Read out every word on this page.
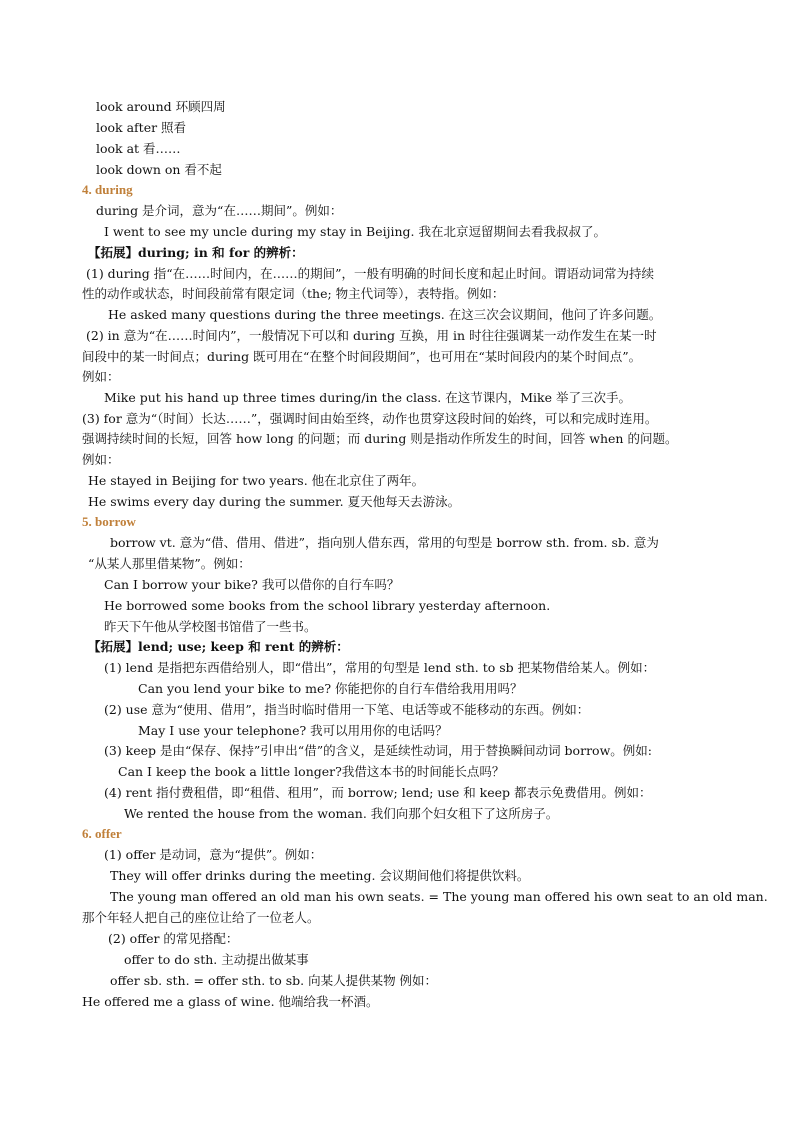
look around 环顾四周
look after 照看
look at 看……
look down on 看不起
4. during
during 是介词，意为“在……期间”。例如：
I went to see my uncle during my stay in Beijing. 我在北京逗留期间去看我叔叔了。
【拓展】during; in 和 for 的辨析：
(1) during 指“在……时间内，在……的期间”，一般有明确的时间长度和起止时间。谓语动词常为持续
性的动作或状态，时间段前常有限定词（the; 物主代词等），表特指。例如：
He asked many questions during the three meetings. 在这三次会议期间，他问了许多问题。
(2) in 意为“在……时间内”，一般情况下可以和 during 互换，用 in 时往往强调某一动作发生在某一时
间段中的某一时间点；during 既可用在“在整个时间段期间”，也可用在“某时间段内的某个时间点”。
例如：
Mike put his hand up three times during/in the class. 在这节课内，Mike 举了三次手。
(3) for 意为“（时间）长达……”，强调时间由始至终，动作也贯穿这段时间的始终，可以和完成时连用。
强调持续时间的长短，回答 how long 的问题；而 during 则是指动作所发生的时间，回答 when 的问题。
例如：
He stayed in Beijing for two years. 他在北京住了两年。
He swims every day during the summer. 夏天他每天去游泳。
5. borrow
borrow vt. 意为“借、借用、借进”，指向别人借东西，常用的句型是 borrow sth. from. sb. 意为
“从某人那里借某物”。例如：
Can I borrow your bike? 我可以借你的自行车吗？
He borrowed some books from the school library yesterday afternoon.
昨天下午他从学校图书馆借了一些书。
【拓展】lend; use; keep 和 rent 的辨析：
(1) lend 是指把东西借给别人，即“借出”，常用的句型是 lend sth. to sb 把某物借给某人。例如：
Can you lend your bike to me? 你能把你的自行车借给我用用吗？
(2) use 意为“使用、借用”，指当时临时借用一下笔、电话等或不能移动的东西。例如：
May I use your telephone? 我可以用用你的电话吗？
(3) keep 是由“保存、保持”引申出“借”的含义，是延续性动词，用于替换瞬间动词 borrow。例如:
Can I keep the book a little longer?我借这本书的时间能长点吗？
(4) rent 指付费租借，即“租借、租用”，而 borrow; lend; use 和 keep 都表示免费借用。例如：
We rented the house from the woman. 我们向那个妇女租下了这所房子。
6. offer
(1) offer 是动词，意为“提供”。例如：
They will offer drinks during the meeting. 会议期间他们将提供饮料。
The young man offered an old man his own seats. = The young man offered his own seat to an old man.
那个年轻人把自己的座位让给了一位老人。
(2) offer 的常见搭配：
offer to do sth. 主动提出做某事
offer sb. sth. = offer sth. to sb. 向某人提供某物 例如：
He offered me a glass of wine. 他端给我一杯酒。
